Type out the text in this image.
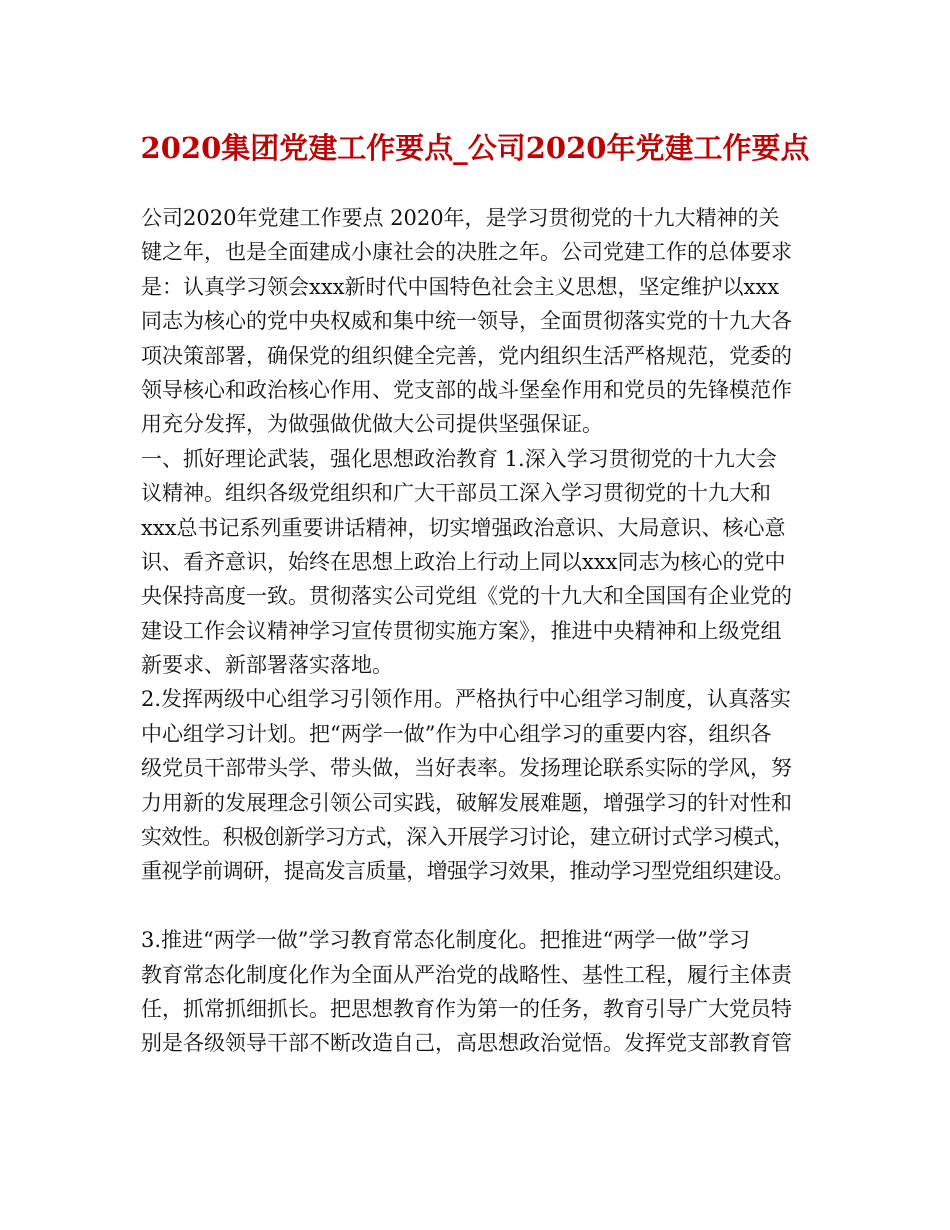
2020集团党建工作要点_公司2020年党建工作要点
公司2020年党建工作要点 2020年，是学习贯彻党的十九大精神的关
键之年，也是全面建成小康社会的决胜之年。公司党建工作的总体要求
是：认真学习领会xxx新时代中国特色社会主义思想，坚定维护以xxx
同志为核心的党中央权威和集中统一领导，全面贯彻落实党的十九大各
项决策部署，确保党的组织健全完善，党内组织生活严格规范，党委的
领导核心和政治核心作用、党支部的战斗堡垒作用和党员的先锋模范作
用充分发挥，为做强做优做大公司提供坚强保证。
一、抓好理论武装，强化思想政治教育 1.深入学习贯彻党的十九大会
议精神。组织各级党组织和广大干部员工深入学习贯彻党的十九大和
xxx总书记系列重要讲话精神，切实增强政治意识、大局意识、核心意
识、看齐意识，始终在思想上政治上行动上同以xxx同志为核心的党中
央保持高度一致。贯彻落实公司党组《党的十九大和全国国有企业党的
建设工作会议精神学习宣传贯彻实施方案》，推进中央精神和上级党组
新要求、新部署落实落地。
2.发挥两级中心组学习引领作用。严格执行中心组学习制度，认真落实
中心组学习计划。把“两学一做”作为中心组学习的重要内容，组织各
级党员干部带头学、带头做，当好表率。发扬理论联系实际的学风，努
力用新的发展理念引领公司实践，破解发展难题，增强学习的针对性和
实效性。积极创新学习方式，深入开展学习讨论，建立研讨式学习模式，
重视学前调研，提高发言质量，增强学习效果，推动学习型党组织建设。
3.推进“两学一做”学习教育常态化制度化。把推进“两学一做”学习
教育常态化制度化作为全面从严治党的战略性、基性工程，履行主体责
任，抓常抓细抓长。把思想教育作为第一的任务，教育引导广大党员特
别是各级领导干部不断改造自己，高思想政治觉悟。发挥党支部教育管
